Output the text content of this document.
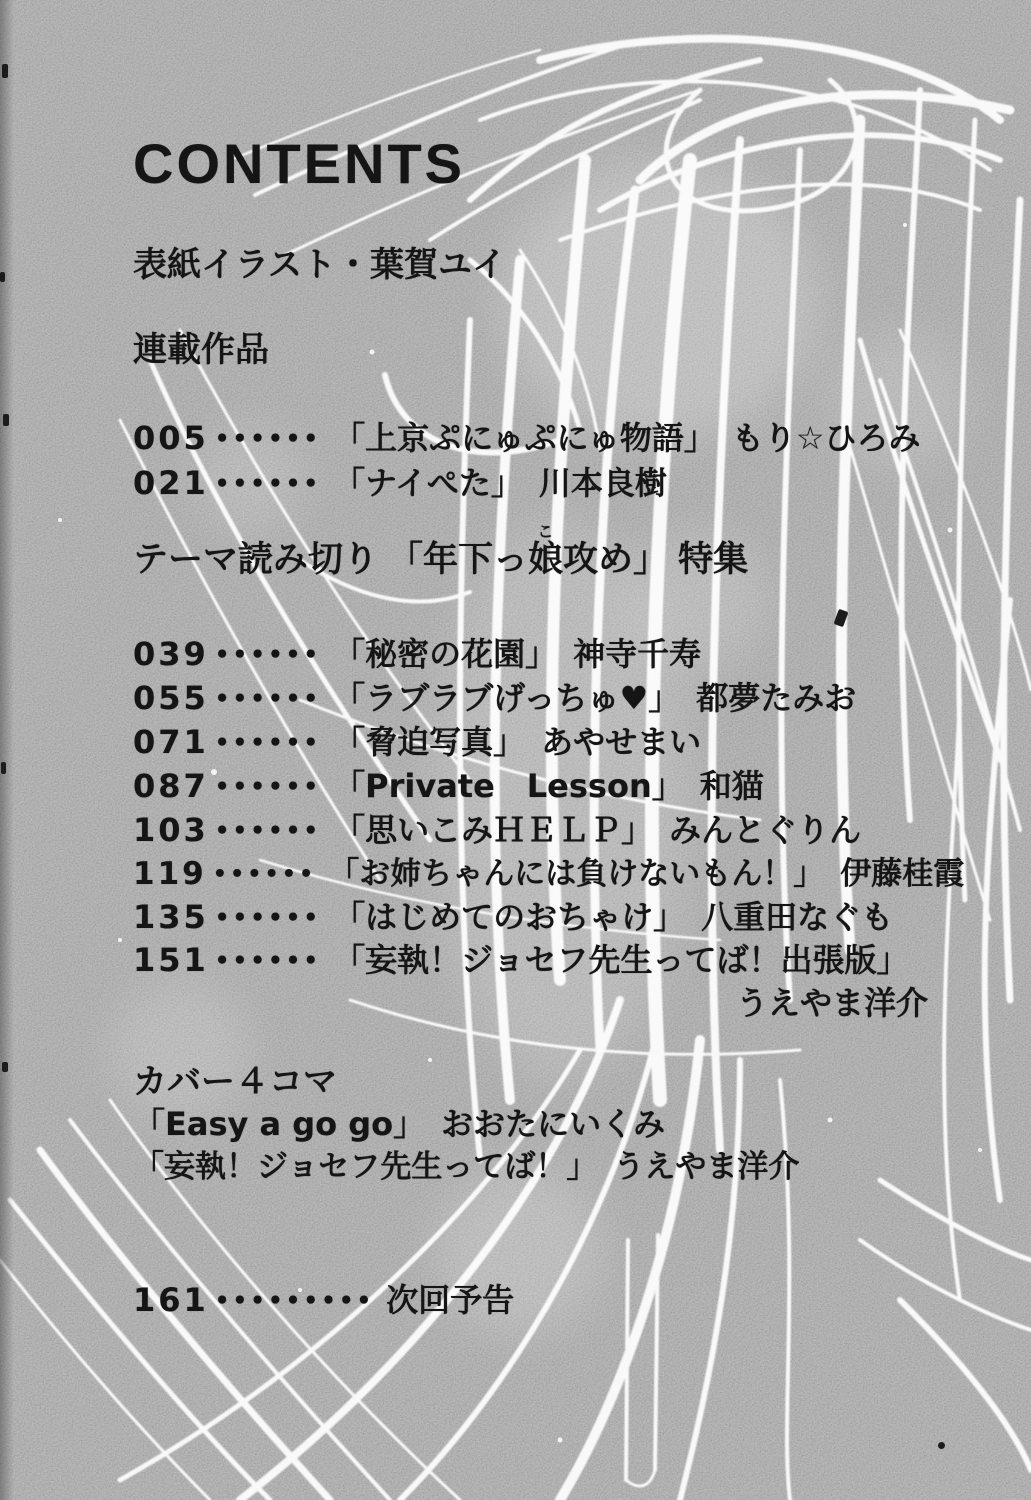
CONTENTS
表紙イラスト・葉賀ユイ
連載作品
005 •••••• 「上京ぷにゅぷにゅ物語」 もり☆ひろみ
021 •••••• 「ナイぺた」 川本良樹
テーマ読み切り 「年下っ
こ
娘攻め」 特集
039 •••••• 「秘密の花園」 神寺千寿
055 •••••• 「ラブラブげっちゅ♥」 都夢たみお
071 •••••• 「脅迫写真」 あやせまい
087 •••••• 「Private　Lesson」 和猫
103 •••••• 「思いこみＨＥＬＰ」 みんとぐりん
119 •••••• 「お姉ちゃんには負けないもん！」 伊藤桂霞
135 •••••• 「はじめてのおちゃけ」 八重田なぐも
151 •••••• 「妄執！ジョセフ先生ってば！出張版」
うえやま洋介
カバー４コマ
「Easy a go go」 おおたにいくみ
「妄執！ジョセフ先生ってば！」 うえやま洋介
161 ••••••••• 次回予告
